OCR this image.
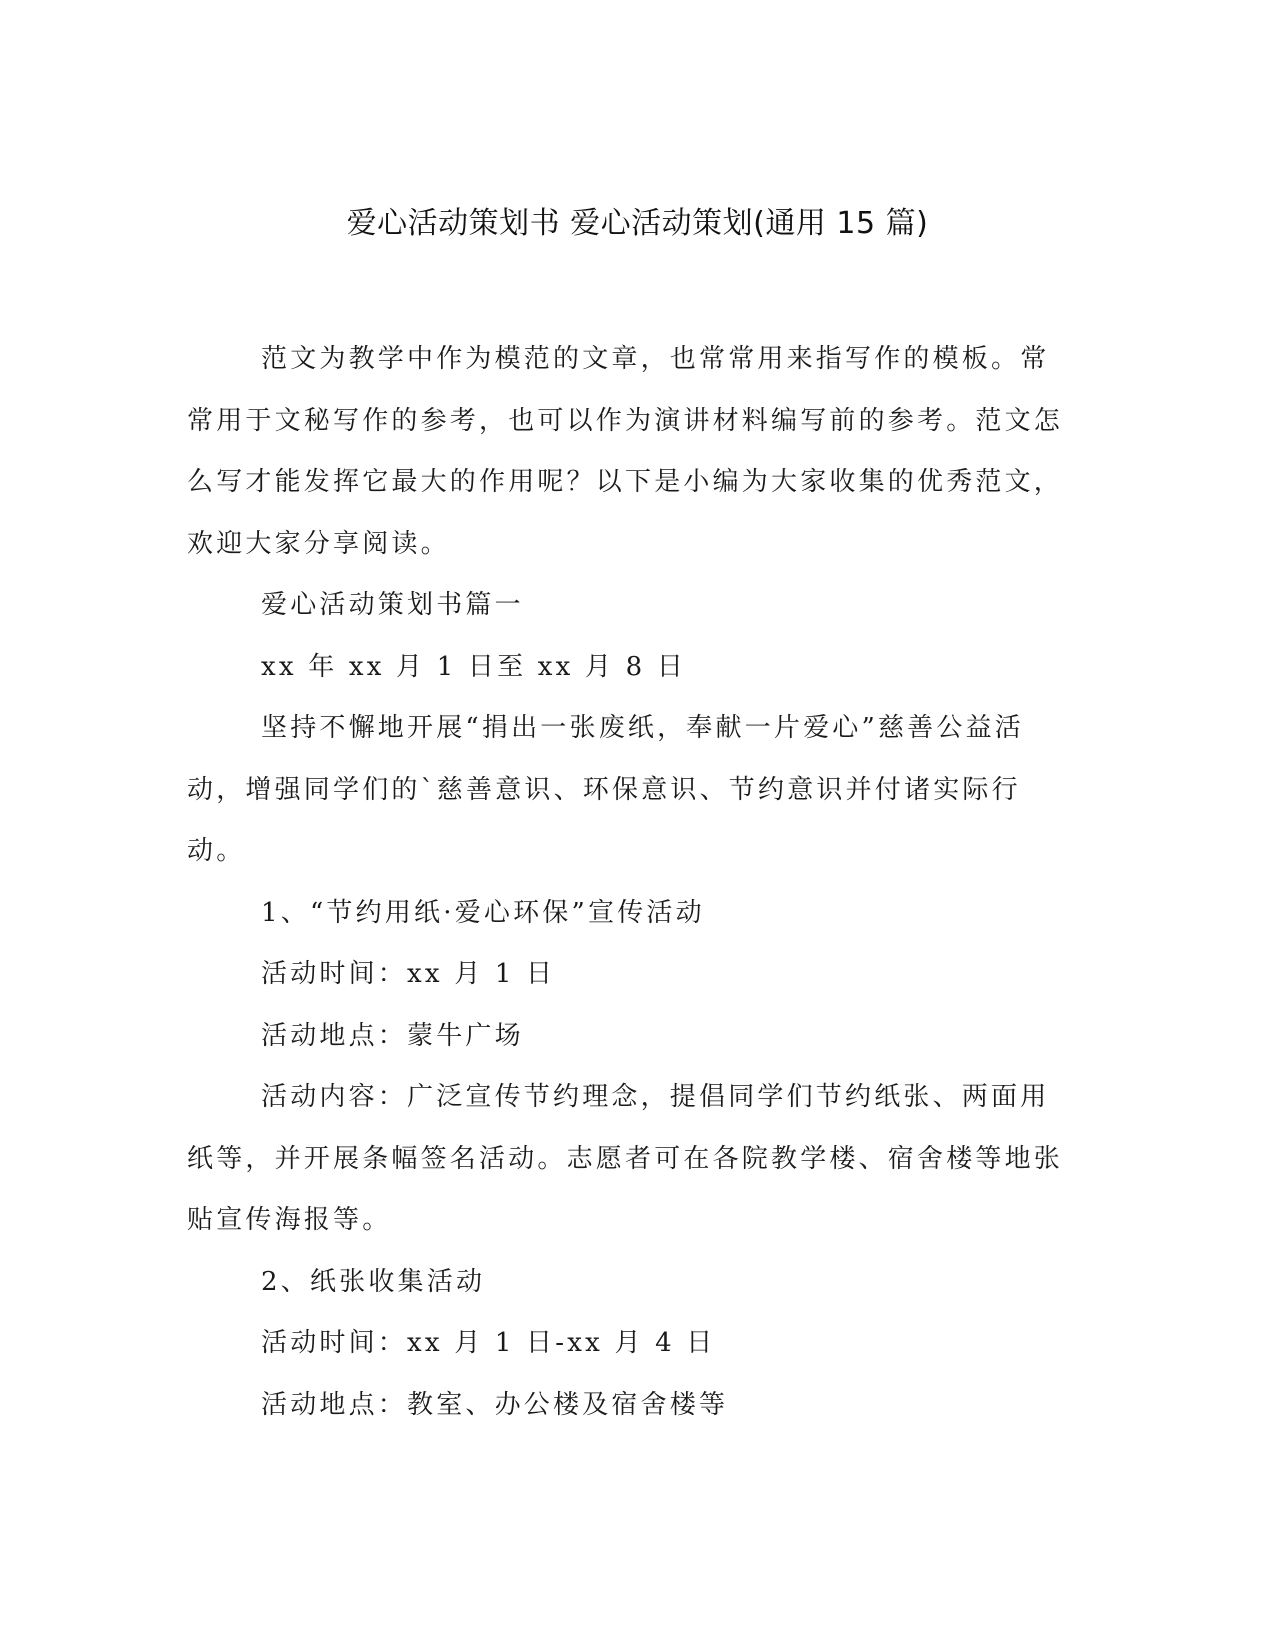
爱心活动策划书 爱心活动策划(通用 15 篇)

范文为教学中作为模范的文章，也常常用来指写作的模板。常常用于文秘写作的参考，也可以作为演讲材料编写前的参考。范文怎么写才能发挥它最大的作用呢？以下是小编为大家收集的优秀范文，欢迎大家分享阅读。

爱心活动策划书篇一

xx 年 xx 月 1 日至 xx 月 8 日

坚持不懈地开展“捐出一张废纸，奉献一片爱心”慈善公益活动，增强同学们的`慈善意识、环保意识、节约意识并付诸实际行动。

1、“节约用纸·爱心环保”宣传活动

活动时间：xx 月 1 日

活动地点：蒙牛广场

活动内容：广泛宣传节约理念，提倡同学们节约纸张、两面用纸等，并开展条幅签名活动。志愿者可在各院教学楼、宿舍楼等地张贴宣传海报等。

2、纸张收集活动

活动时间：xx 月 1 日-xx 月 4 日

活动地点：教室、办公楼及宿舍楼等
